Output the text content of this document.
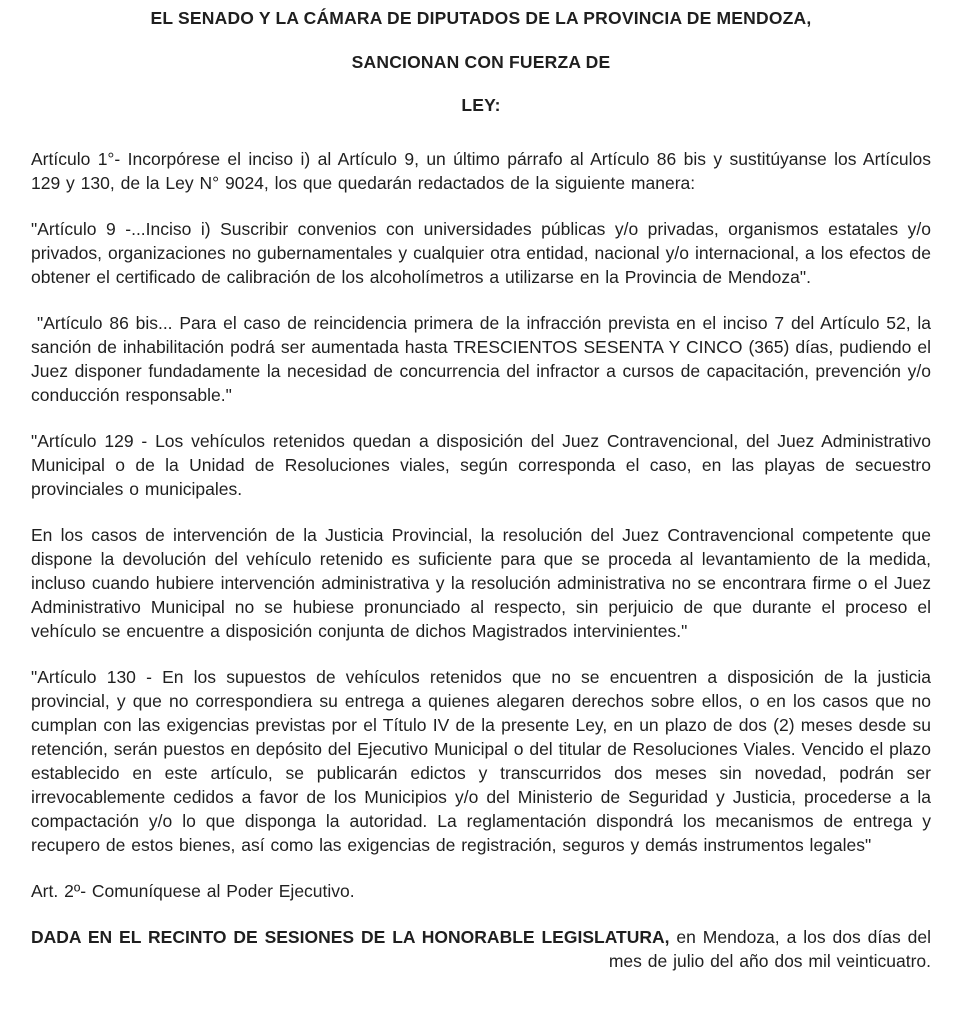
EL SENADO Y LA CÁMARA DE DIPUTADOS DE LA PROVINCIA DE MENDOZA,

SANCIONAN CON FUERZA DE

LEY:

Artículo 1°- Incorpórese el inciso i) al Artículo 9, un último párrafo al Artículo 86 bis y sustitúyanse los Artículos 129 y 130, de la Ley N° 9024, los que quedarán redactados de la siguiente manera:

"Artículo 9 -...Inciso i) Suscribir convenios con universidades públicas y/o privadas, organismos estatales y/o privados, organizaciones no gubernamentales y cualquier otra entidad, nacional y/o internacional, a los efectos de obtener el certificado de calibración de los alcoholímetros a utilizarse en la Provincia de Mendoza".

"Artículo 86 bis... Para el caso de reincidencia primera de la infracción prevista en el inciso 7 del Artículo 52, la sanción de inhabilitación podrá ser aumentada hasta TRESCIENTOS SESENTA Y CINCO (365) días, pudiendo el Juez disponer fundadamente la necesidad de concurrencia del infractor a cursos de capacitación, prevención y/o conducción responsable."

"Artículo 129 - Los vehículos retenidos quedan a disposición del Juez Contravencional, del Juez Administrativo Municipal o de la Unidad de Resoluciones viales, según corresponda el caso, en las playas de secuestro provinciales o municipales.

En los casos de intervención de la Justicia Provincial, la resolución del Juez Contravencional competente que dispone la devolución del vehículo retenido es suficiente para que se proceda al levantamiento de la medida, incluso cuando hubiere intervención administrativa y la resolución administrativa no se encontrara firme o el Juez Administrativo Municipal no se hubiese pronunciado al respecto, sin perjuicio de que durante el proceso el vehículo se encuentre a disposición conjunta de dichos Magistrados intervinientes."

"Artículo 130 - En los supuestos de vehículos retenidos que no se encuentren a disposición de la justicia provincial, y que no correspondiera su entrega a quienes alegaren derechos sobre ellos, o en los casos que no cumplan con las exigencias previstas por el Título IV de la presente Ley, en un plazo de dos (2) meses desde su retención, serán puestos en depósito del Ejecutivo Municipal o del titular de Resoluciones Viales. Vencido el plazo establecido en este artículo, se publicarán edictos y transcurridos dos meses sin novedad, podrán ser irrevocablemente cedidos a favor de los Municipios y/o del Ministerio de Seguridad y Justicia, procederse a la compactación y/o lo que disponga la autoridad. La reglamentación dispondrá los mecanismos de entrega y recupero de estos bienes, así como las exigencias de registración, seguros y demás instrumentos legales"

Art. 2º- Comuníquese al Poder Ejecutivo.

DADA EN EL RECINTO DE SESIONES DE LA HONORABLE LEGISLATURA, en Mendoza, a los dos días del mes de julio del año dos mil veinticuatro.
